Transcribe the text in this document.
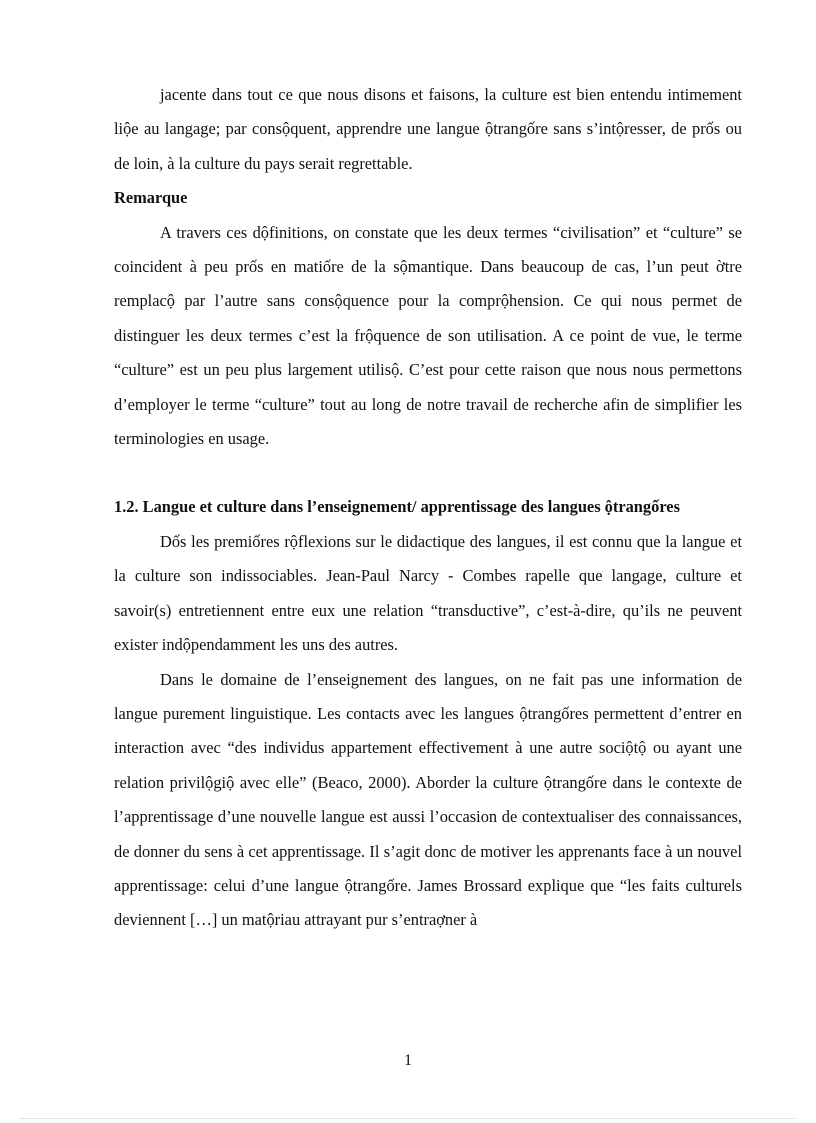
jacente dans tout ce que nous disons et faisons, la culture est bien entendu intimement liộe au langage; par consộquent, apprendre une langue ộtrangốre sans s’intộresser, de prốs ou de loin, à la culture du pays serait regrettable.

Remarque

A travers ces dộfinitions, on constate que les deux termes “civilisation” et “culture” se coincident à peu prốs en matiốre de la sộmantique. Dans beaucoup de cas, l’un peut ờtre remplacộ par l’autre sans consộquence pour la comprộhension. Ce qui nous permet de distinguer les deux termes c’est la frộquence de son utilisation. A ce point de vue, le terme “culture” est un peu plus largement utilisộ. C’est pour cette raison que nous nous permettons d’employer le terme “culture” tout au long de notre travail de recherche afin de simplifier les terminologies en usage.

1.2. Langue et culture dans l’enseignement/ apprentissage des langues ộtrangốres

Dốs les premiốres rộflexions sur le didactique des langues, il est connu que la langue et la culture son indissociables. Jean-Paul Narcy - Combes rapelle que langage, culture et savoir(s) entretiennent entre eux une relation “transductive”, c’est-à-dire, qu’ils ne peuvent exister indộpendamment les uns des autres.

Dans le domaine de l’enseignement des langues, on ne fait pas une information de langue purement linguistique. Les contacts avec les langues ộtrangốres permettent d’entrer en interaction avec “des individus appartement effectivement à une autre sociộtộ ou ayant une relation privilộgiộ avec elle” (Beaco, 2000). Aborder la culture ộtrangốre dans le contexte de l’apprentissage d’une nouvelle langue est aussi l’occasion de contextualiser des connaissances, de donner du sens à cet apprentissage. Il s’agit donc de motiver les apprenants face à un nouvel apprentissage: celui d’une langue ộtrangốre. James Brossard explique que “les faits culturels deviennent […] un matộriau attrayant pur s’entraợner à

1
